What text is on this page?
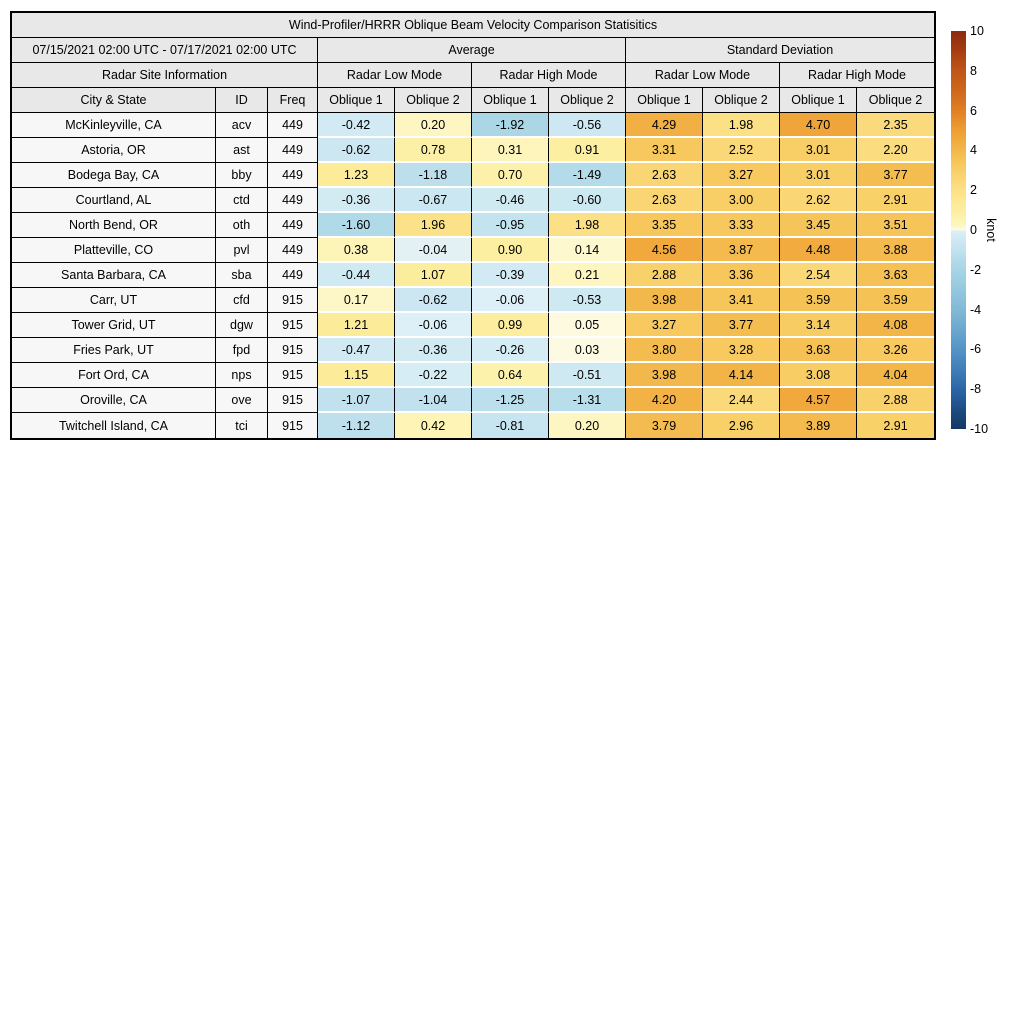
Wind-Profiler/HRRR Oblique Beam Velocity Comparison Statisitics										
07/15/2021 02:00 UTC - 07/17/2021 02:00 UTC			Average				Standard Deviation			
Radar Site Information			Radar Low Mode		Radar High Mode		Radar Low Mode		Radar High Mode	
City & State	ID	Freq	Oblique 1	Oblique 2	Oblique 1	Oblique 2	Oblique 1	Oblique 2	Oblique 1	Oblique 2
McKinleyville, CA	acv	449	-0.42	0.20	-1.92	-0.56	4.29	1.98	4.70	2.35
Astoria, OR	ast	449	-0.62	0.78	0.31	0.91	3.31	2.52	3.01	2.20
Bodega Bay, CA	bby	449	1.23	-1.18	0.70	-1.49	2.63	3.27	3.01	3.77
Courtland, AL	ctd	449	-0.36	-0.67	-0.46	-0.60	2.63	3.00	2.62	2.91
North Bend, OR	oth	449	-1.60	1.96	-0.95	1.98	3.35	3.33	3.45	3.51
Platteville, CO	pvl	449	0.38	-0.04	0.90	0.14	4.56	3.87	4.48	3.88
Santa Barbara, CA	sba	449	-0.44	1.07	-0.39	0.21	2.88	3.36	2.54	3.63
Carr, UT	cfd	915	0.17	-0.62	-0.06	-0.53	3.98	3.41	3.59	3.59
Tower Grid, UT	dgw	915	1.21	-0.06	0.99	0.05	3.27	3.77	3.14	4.08
Fries Park, UT	fpd	915	-0.47	-0.36	-0.26	0.03	3.80	3.28	3.63	3.26
Fort Ord, CA	nps	915	1.15	-0.22	0.64	-0.51	3.98	4.14	3.08	4.04
Oroville, CA	ove	915	-1.07	-1.04	-1.25	-1.31	4.20	2.44	4.57	2.88
Twitchell Island, CA	tci	915	-1.12	0.42	-0.81	0.20	3.79	2.96	3.89	2.91
10
8
6
4
2
0
-2
-4
-6
-8
-10
knot
